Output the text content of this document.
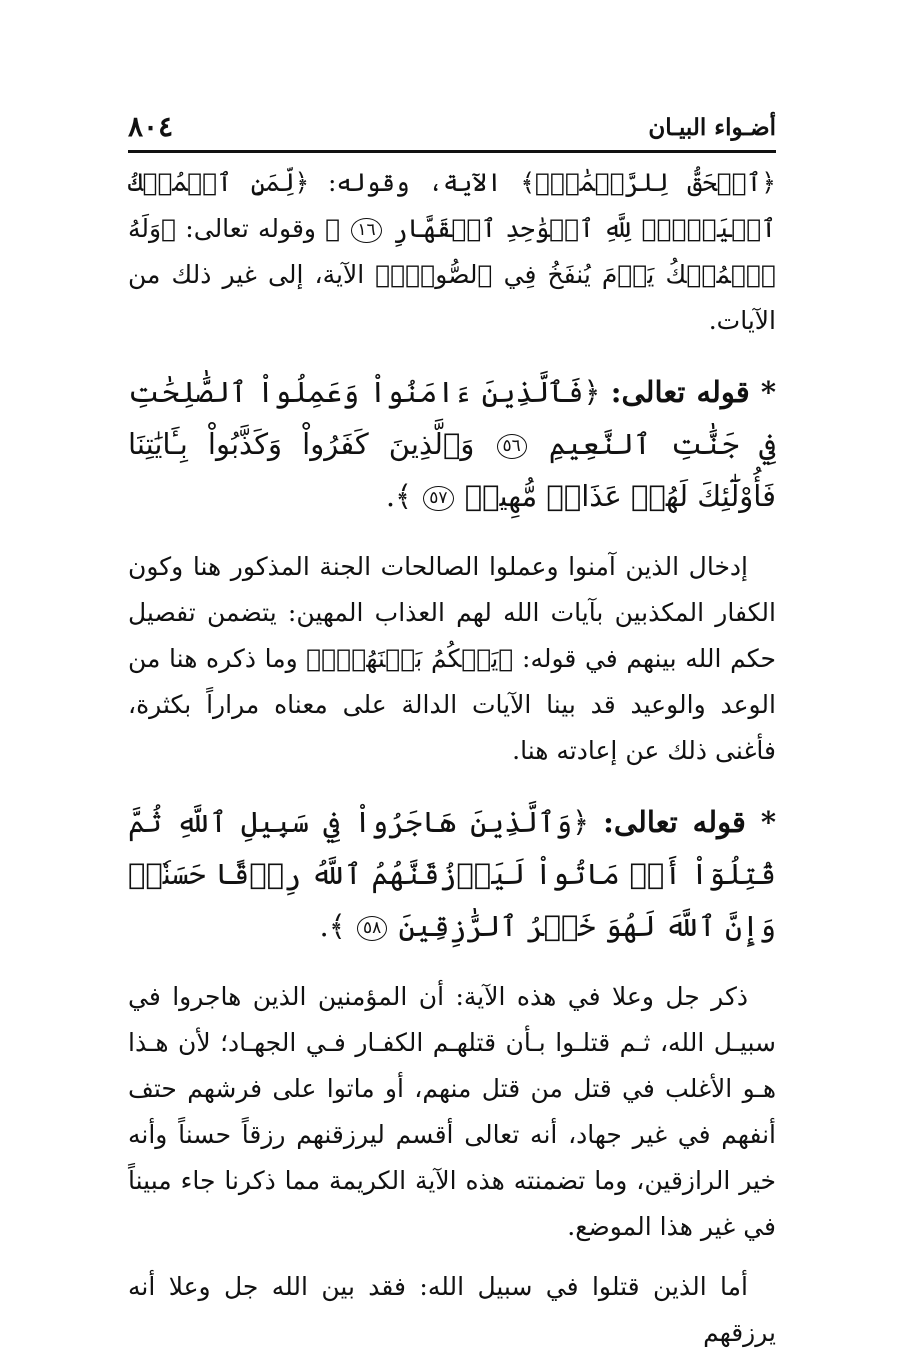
أضـواء البيـان
٨٠٤

﴿ٱلۡحَقُّ لِلرَّحۡمَٰنِۚ﴾ الآية، وقوله: ﴿لِّمَنِ ٱلۡمُلۡكُ ٱلۡيَوۡمَۖ لِلَّهِ ٱلۡوَٰحِدِ ٱلۡقَهَّارِ ١٦ ﴾ وقوله تعالى: ﴿وَلَهُ ٱلۡمُلۡكُ يَوۡمَ يُنفَخُ فِي ٱلصُّورِۚ﴾ الآية، إلى غير ذلك من الآيات.

* قوله تعالى: ﴿فَٱلَّذِينَ ءَامَنُواْ وَعَمِلُواْ ٱلصَّٰلِحَٰتِ فِي جَنَّٰتِ ٱلنَّعِيمِ ٥٦ وَٱلَّذِينَ كَفَرُواْ وَكَذَّبُواْ بِـَٔايَٰتِنَا فَأُوْلَٰٓئِكَ لَهُمۡ عَذَابٞ مُّهِينٞ ٥٧ ﴾.

إدخال الذين آمنوا وعملوا الصالحات الجنة المذكور هنا وكون الكفار المكذبين بآيات الله لهم العذاب المهين: يتضمن تفصيل حكم الله بينهم في قوله: ﴿يَحۡكُمُ بَيۡنَهُمۡۚ﴾ وما ذكره هنا من الوعد والوعيد قد بينا الآيات الدالة على معناه مراراً بكثرة، فأغنى ذلك عن إعادته هنا.

* قوله تعالى: ﴿وَٱلَّذِينَ هَاجَرُواْ فِي سَبِيلِ ٱللَّهِ ثُمَّ قُتِلُوٓاْ أَوۡ مَاتُواْ لَيَرۡزُقَنَّهُمُ ٱللَّهُ رِزۡقًا حَسَنٗاۚ وَإِنَّ ٱللَّهَ لَهُوَ خَيۡرُ ٱلرَّٰزِقِينَ ٥٨ ﴾.

ذكر جل وعلا في هذه الآية: أن المؤمنين الذين هاجروا في سبيـل الله، ثـم قتلـوا بـأن قتلهـم الكفـار فـي الجهـاد؛ لأن هـذا هـو الأغلب في قتل من قتل منهم، أو ماتوا على فرشهم حتف أنفهم في غير جهاد، أنه تعالى أقسم ليرزقنهم رزقاً حسناً وأنه خير الرازقين، وما تضمنته هذه الآية الكريمة مما ذكرنا جاء مبيناً في غير هذا الموضع.

أما الذين قتلوا في سبيل الله: فقد بين الله جل وعلا أنه يرزقهم
